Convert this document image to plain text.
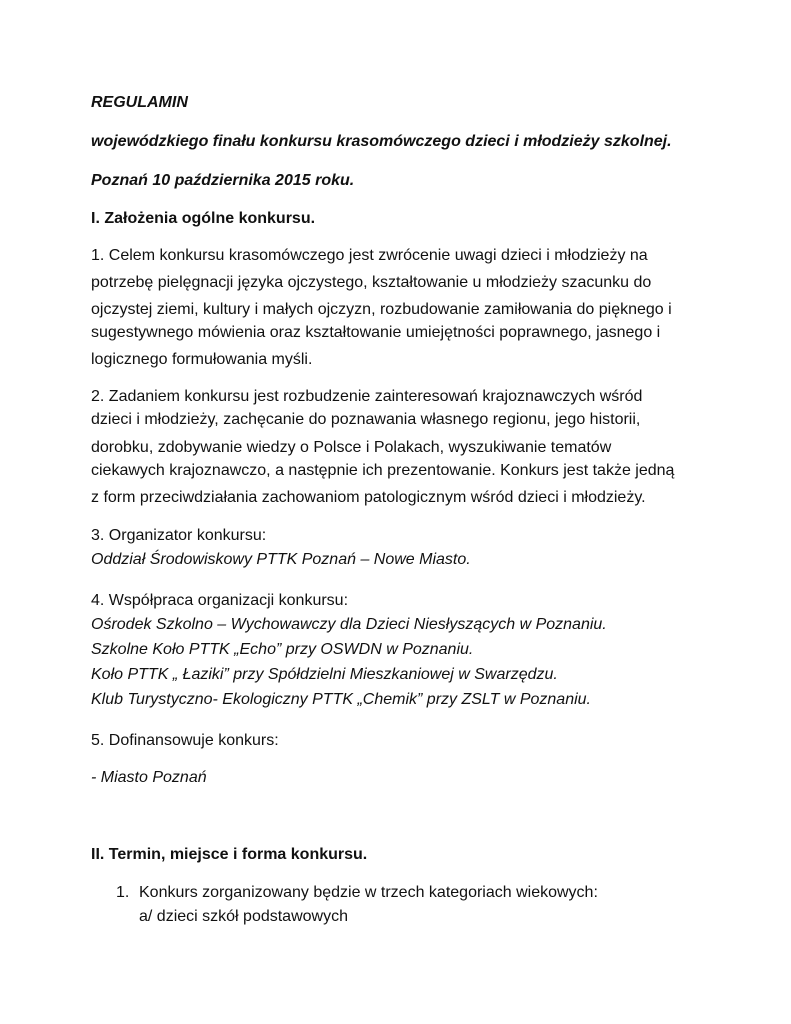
REGULAMIN
wojewódzkiego finału konkursu krasomówczego dzieci i młodzieży szkolnej.
Poznań 10 października 2015 roku.
I. Założenia ogólne konkursu.
1. Celem konkursu krasomówczego jest zwrócenie uwagi dzieci i młodzieży na
potrzebę pielęgnacji języka ojczystego, kształtowanie u młodzieży szacunku do
ojczystej ziemi, kultury i małych ojczyzn, rozbudowanie zamiłowania do pięknego i
sugestywnego mówienia oraz kształtowanie umiejętności poprawnego, jasnego i
logicznego formułowania myśli.
2. Zadaniem konkursu jest rozbudzenie zainteresowań krajoznawczych wśród
dzieci i młodzieży, zachęcanie do poznawania własnego regionu, jego historii,
dorobku, zdobywanie wiedzy o Polsce i Polakach, wyszukiwanie tematów
ciekawych krajoznawczo, a następnie ich prezentowanie. Konkurs jest także jedną
z form przeciwdziałania zachowaniom patologicznym wśród dzieci i młodzieży.
3. Organizator konkursu:
Oddział Środowiskowy PTTK Poznań – Nowe Miasto.
4. Współpraca organizacji konkursu:
Ośrodek Szkolno – Wychowawczy dla Dzieci Niesłyszących w Poznaniu.
Szkolne Koło PTTK „Echo” przy OSWDN w Poznaniu.
Koło PTTK „ Łaziki” przy Spółdzielni Mieszkaniowej w Swarzędzu.
Klub Turystyczno- Ekologiczny PTTK „Chemik” przy ZSLT w Poznaniu.
5. Dofinansowuje konkurs:
- Miasto Poznań
II. Termin, miejsce i forma konkursu.
1. Konkurs zorganizowany będzie w trzech kategoriach wiekowych:
a/ dzieci szkół podstawowych
